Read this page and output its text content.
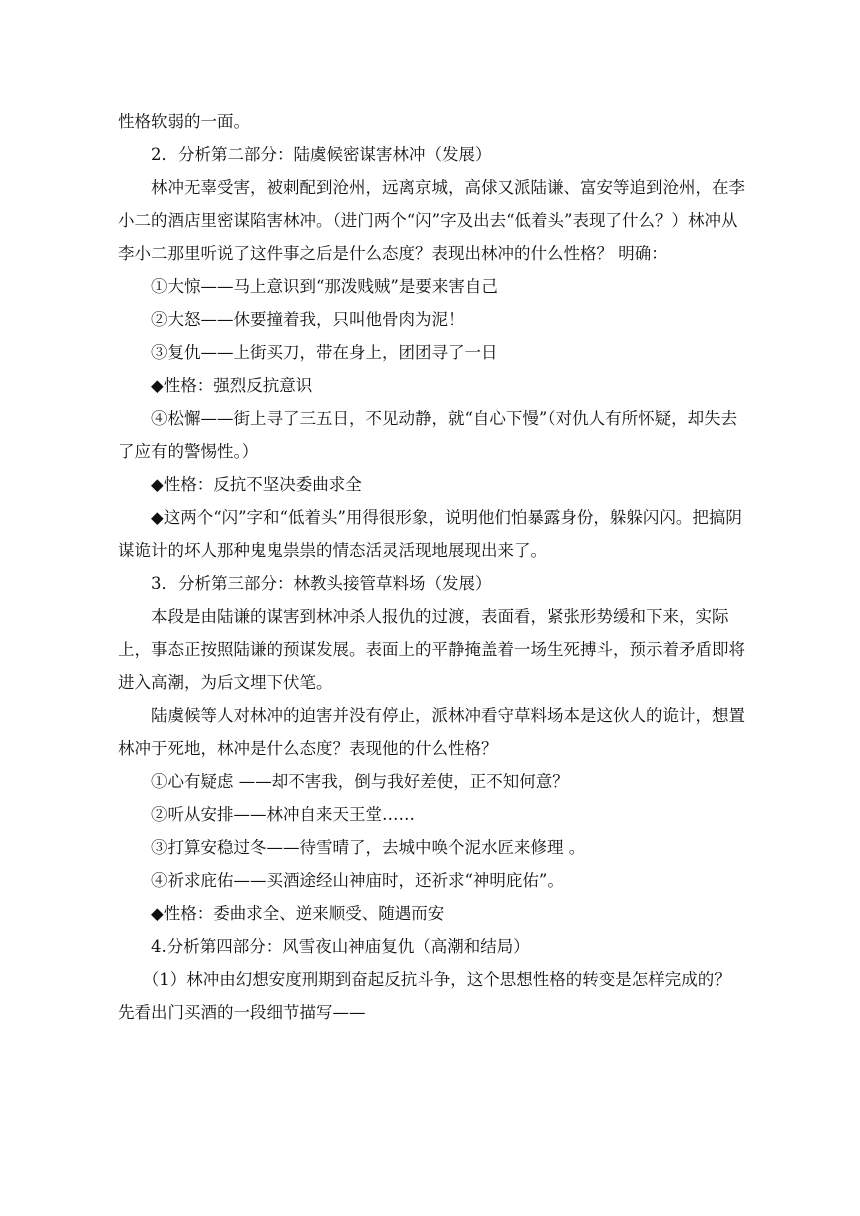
性格软弱的一面。

2．分析第二部分：陆虞候密谋害林冲（发展）

林冲无辜受害，被刺配到沧州，远离京城，高俅又派陆谦、富安等追到沧州，在李小二的酒店里密谋陷害林冲。（进门两个“闪”字及出去“低着头”表现了什么？）林冲从李小二那里听说了这件事之后是什么态度？表现出林冲的什么性格？ 明确：

①大惊——马上意识到“那泼贱贼”是要来害自己

②大怒——休要撞着我，只叫他骨肉为泥！

③复仇——上街买刀，带在身上，团团寻了一日

◆性格：强烈反抗意识

④松懈——街上寻了三五日，不见动静，就“自心下慢”（对仇人有所怀疑，却失去了应有的警惕性。）

◆性格：反抗不坚决委曲求全

◆这两个“闪”字和“低着头”用得很形象，说明他们怕暴露身份，躲躲闪闪。把搞阴谋诡计的坏人那种鬼鬼祟祟的情态活灵活现地展现出来了。

3．分析第三部分：林教头接管草料场（发展）

本段是由陆谦的谋害到林冲杀人报仇的过渡，表面看，紧张形势缓和下来，实际上，事态正按照陆谦的预谋发展。表面上的平静掩盖着一场生死搏斗，预示着矛盾即将进入高潮，为后文埋下伏笔。

陆虞候等人对林冲的迫害并没有停止，派林冲看守草料场本是这伙人的诡计，想置林冲于死地，林冲是什么态度？表现他的什么性格？

①心有疑虑 ——却不害我，倒与我好差使，正不知何意？

②听从安排——林冲自来天王堂……

③打算安稳过冬——待雪晴了，去城中唤个泥水匠来修理 。

④祈求庇佑——买酒途经山神庙时，还祈求“神明庇佑”。

◆性格：委曲求全、逆来顺受、随遇而安

4.分析第四部分：风雪夜山神庙复仇（高潮和结局）

（1）林冲由幻想安度刑期到奋起反抗斗争，这个思想性格的转变是怎样完成的？先看出门买酒的一段细节描写——
